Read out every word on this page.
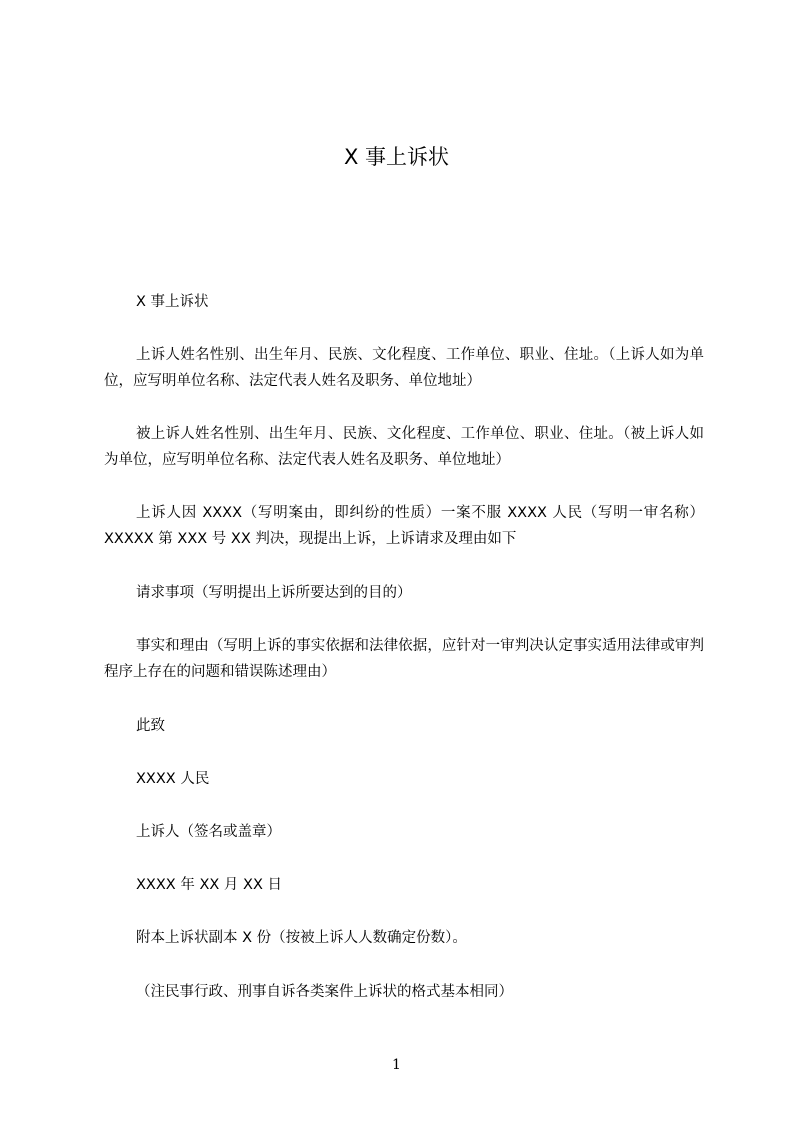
X 事上诉状

X 事上诉状

上诉人姓名性别、出生年月、民族、文化程度、工作单位、职业、住址。（上诉人如为单位，应写明单位名称、法定代表人姓名及职务、单位地址）

被上诉人姓名性别、出生年月、民族、文化程度、工作单位、职业、住址。（被上诉人如为单位，应写明单位名称、法定代表人姓名及职务、单位地址）

上诉人因 XXXX（写明案由，即纠纷的性质）一案不服 XXXX 人民（写明一审名称）XXXXX 第 XXX 号 XX 判决，现提出上诉，上诉请求及理由如下

请求事项（写明提出上诉所要达到的目的）

事实和理由（写明上诉的事实依据和法律依据，应针对一审判决认定事实适用法律或审判程序上存在的问题和错误陈述理由）

此致

XXXX 人民

上诉人（签名或盖章）

XXXX 年 XX 月 XX 日

附本上诉状副本 X 份（按被上诉人人数确定份数）。

（注民事行政、刑事自诉各类案件上诉状的格式基本相同）

1
